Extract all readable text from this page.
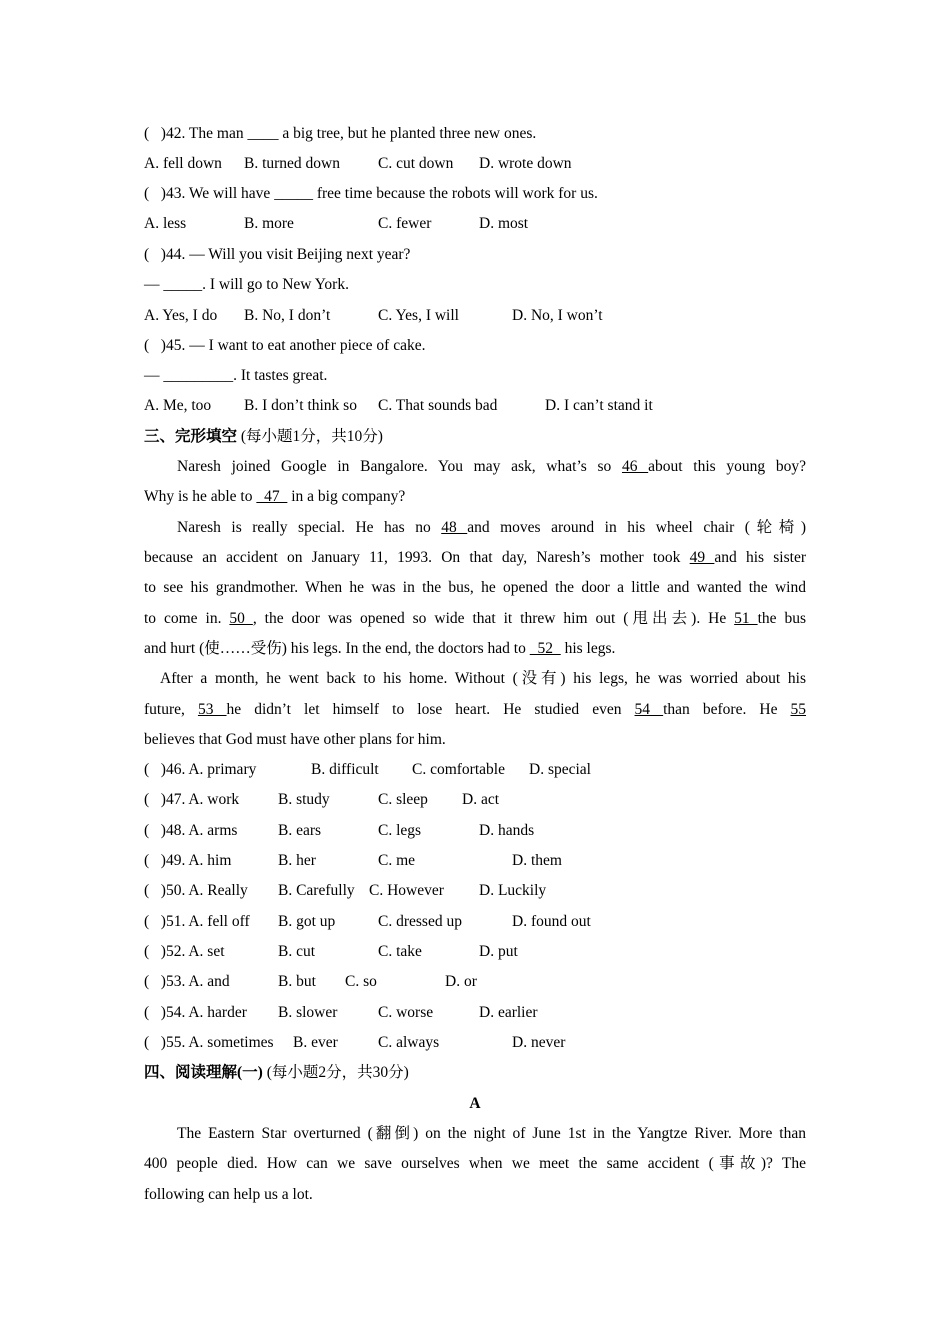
(   )42. The man ____ a big tree, but he planted three new ones.

A. fell down

B. turned down

C. cut down

D. wrote down

(   )43. We will have _____ free time because the robots will work for us.

A. less

	B. more

	C. fewer

	D. most

(   )44. — Will you visit Beijing next year?
— _____. I will go to New York.

A. Yes, I do

B. No, I don’t

	C. Yes, I will

	D. No, I won’t

(   )45. — I want to eat another piece of cake.
— _________. It tastes great.

A. Me, too

B. I don’t think so

C. That sounds bad

	D. I can’t stand it

三、完形填空 (每小题1分，共10分)
Naresh joined Google in Bangalore. You may ask, what’s so 46 about this young boy?
Why is he able to   47   in a big company?
Naresh is really special. He has no 48 and moves around in his wheel chair (轮椅)
because an accident on January 11, 1993. On that day, Naresh’s mother took 49 and his sister
to see his grandmother. When he was in the bus, he opened the door a little and wanted the wind
to come in. 50 , the door was opened so wide that it threw him out (甩出去). He 51 the bus
and hurt (使……受伤) his legs. In the end, the doctors had to   52   his legs.
After a month, he went back to his home. Without (没有) his legs, he was worried about his
future, 53 he didn’t let himself to lose heart. He studied even 54 than before. He 55
believes that God must have other plans for him.
(   )46. A. primary	B. difficult C. comfortable D. special
(   )47. A. work	B. study	C. sleep D. act
(   )48. A. arms	B. ears	C. legs	D. hands
(   )49. A. him	B. her	C. me	D. them
(   )50. A. Really B. Carefully C. However D. Luckily
(   )51. A. fell off B. got up	C. dressed up	D. found out
(   )52. A. set	B. cut	C. take	D. put
(   )53. A. and	B. but C. so	D. or
(   )54. A. harder B. slower	C. worse	D. earlier
(   )55. A. sometimes B. ever	C. always	D. never
四、阅读理解(一) (每小题2分，共30分)
A
The Eastern Star overturned (翻倒) on the night of June 1st in the Yangtze River. More than
400 people died. How can we save ourselves when we meet the same accident (事故)? The
following can help us a lot.
